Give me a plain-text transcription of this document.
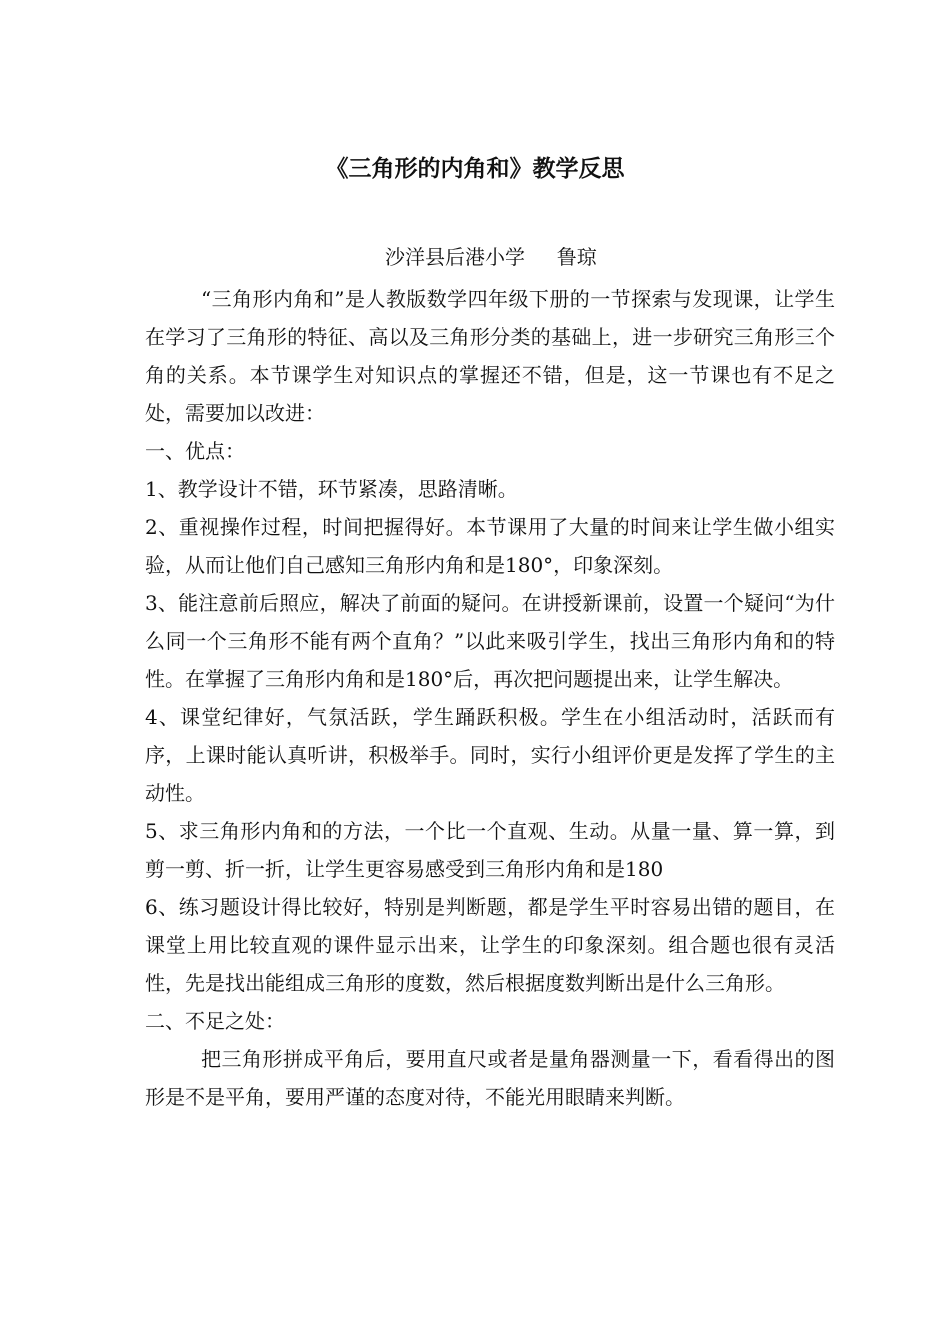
《三角形的内角和》教学反思
沙洋县后港小学     鲁琼

“三角形内角和”是人教版数学四年级下册的一节探索与发现课，让学生在学习了三角形的特征、高以及三角形分类的基础上，进一步研究三角形三个角的关系。本节课学生对知识点的掌握还不错，但是，这一节课也有不足之处，需要加以改进：

一、优点：

1、教学设计不错，环节紧凑，思路清晰。

2、重视操作过程，时间把握得好。本节课用了大量的时间来让学生做小组实验，从而让他们自己感知三角形内角和是180°，印象深刻。

3、能注意前后照应，解决了前面的疑问。在讲授新课前，设置一个疑问“为什么同一个三角形不能有两个直角？”以此来吸引学生，找出三角形内角和的特性。在掌握了三角形内角和是180°后，再次把问题提出来，让学生解决。

4、课堂纪律好，气氛活跃，学生踊跃积极。学生在小组活动时，活跃而有序，上课时能认真听讲，积极举手。同时，实行小组评价更是发挥了学生的主动性。

5、求三角形内角和的方法，一个比一个直观、生动。从量一量、算一算，到剪一剪、折一折，让学生更容易感受到三角形内角和是180

6、练习题设计得比较好，特别是判断题，都是学生平时容易出错的题目，在课堂上用比较直观的课件显示出来，让学生的印象深刻。组合题也很有灵活性，先是找出能组成三角形的度数，然后根据度数判断出是什么三角形。

二、不足之处：

把三角形拼成平角后，要用直尺或者是量角器测量一下，看看得出的图形是不是平角，要用严谨的态度对待，不能光用眼睛来判断。
